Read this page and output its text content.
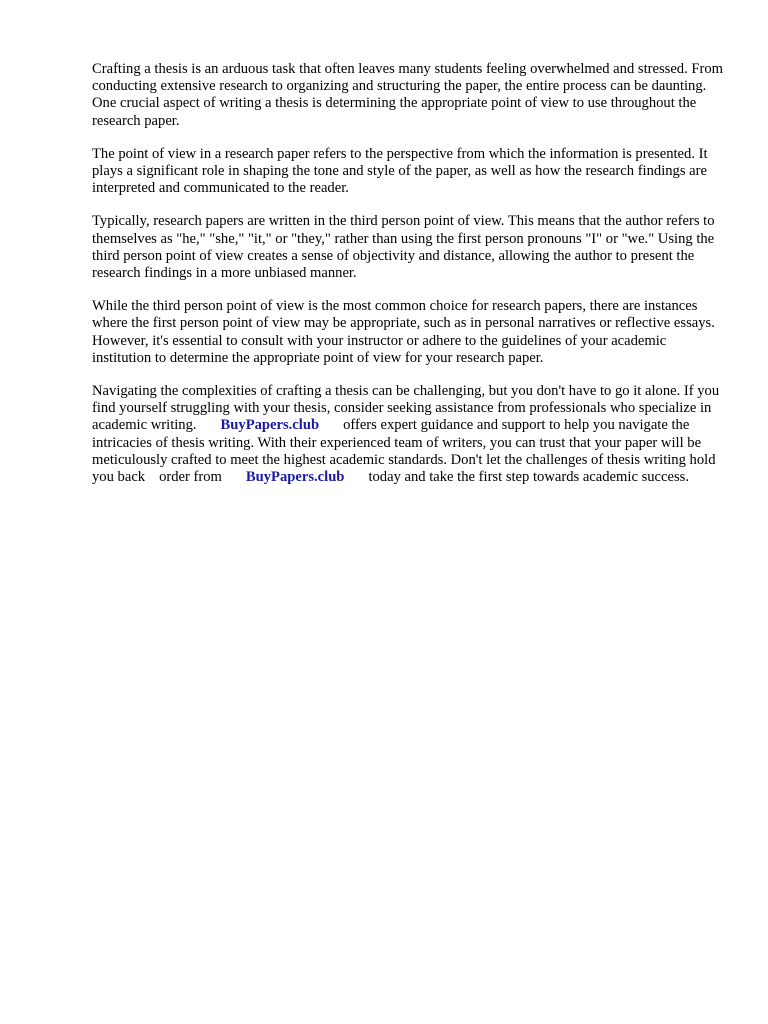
Crafting a thesis is an arduous task that often leaves many students feeling overwhelmed and stressed. From conducting extensive research to organizing and structuring the paper, the entire process can be daunting. One crucial aspect of writing a thesis is determining the appropriate point of view to use throughout the research paper.

The point of view in a research paper refers to the perspective from which the information is presented. It plays a significant role in shaping the tone and style of the paper, as well as how the research findings are interpreted and communicated to the reader.

Typically, research papers are written in the third person point of view. This means that the author refers to themselves as "he," "she," "it," or "they," rather than using the first person pronouns "I" or "we." Using the third person point of view creates a sense of objectivity and distance, allowing the author to present the research findings in a more unbiased manner.

While the third person point of view is the most common choice for research papers, there are instances where the first person point of view may be appropriate, such as in personal narratives or reflective essays. However, it's essential to consult with your instructor or adhere to the guidelines of your academic institution to determine the appropriate point of view for your research paper.

Navigating the complexities of crafting a thesis can be challenging, but you don't have to go it alone. If you find yourself struggling with your thesis, consider seeking assistance from professionals who specialize in academic writing. BuyPapers.club offers expert guidance and support to help you navigate the intricacies of thesis writing. With their experienced team of writers, you can trust that your paper will be meticulously crafted to meet the highest academic standards. Don't let the challenges of thesis writing hold you back order from BuyPapers.club today and take the first step towards academic success.
